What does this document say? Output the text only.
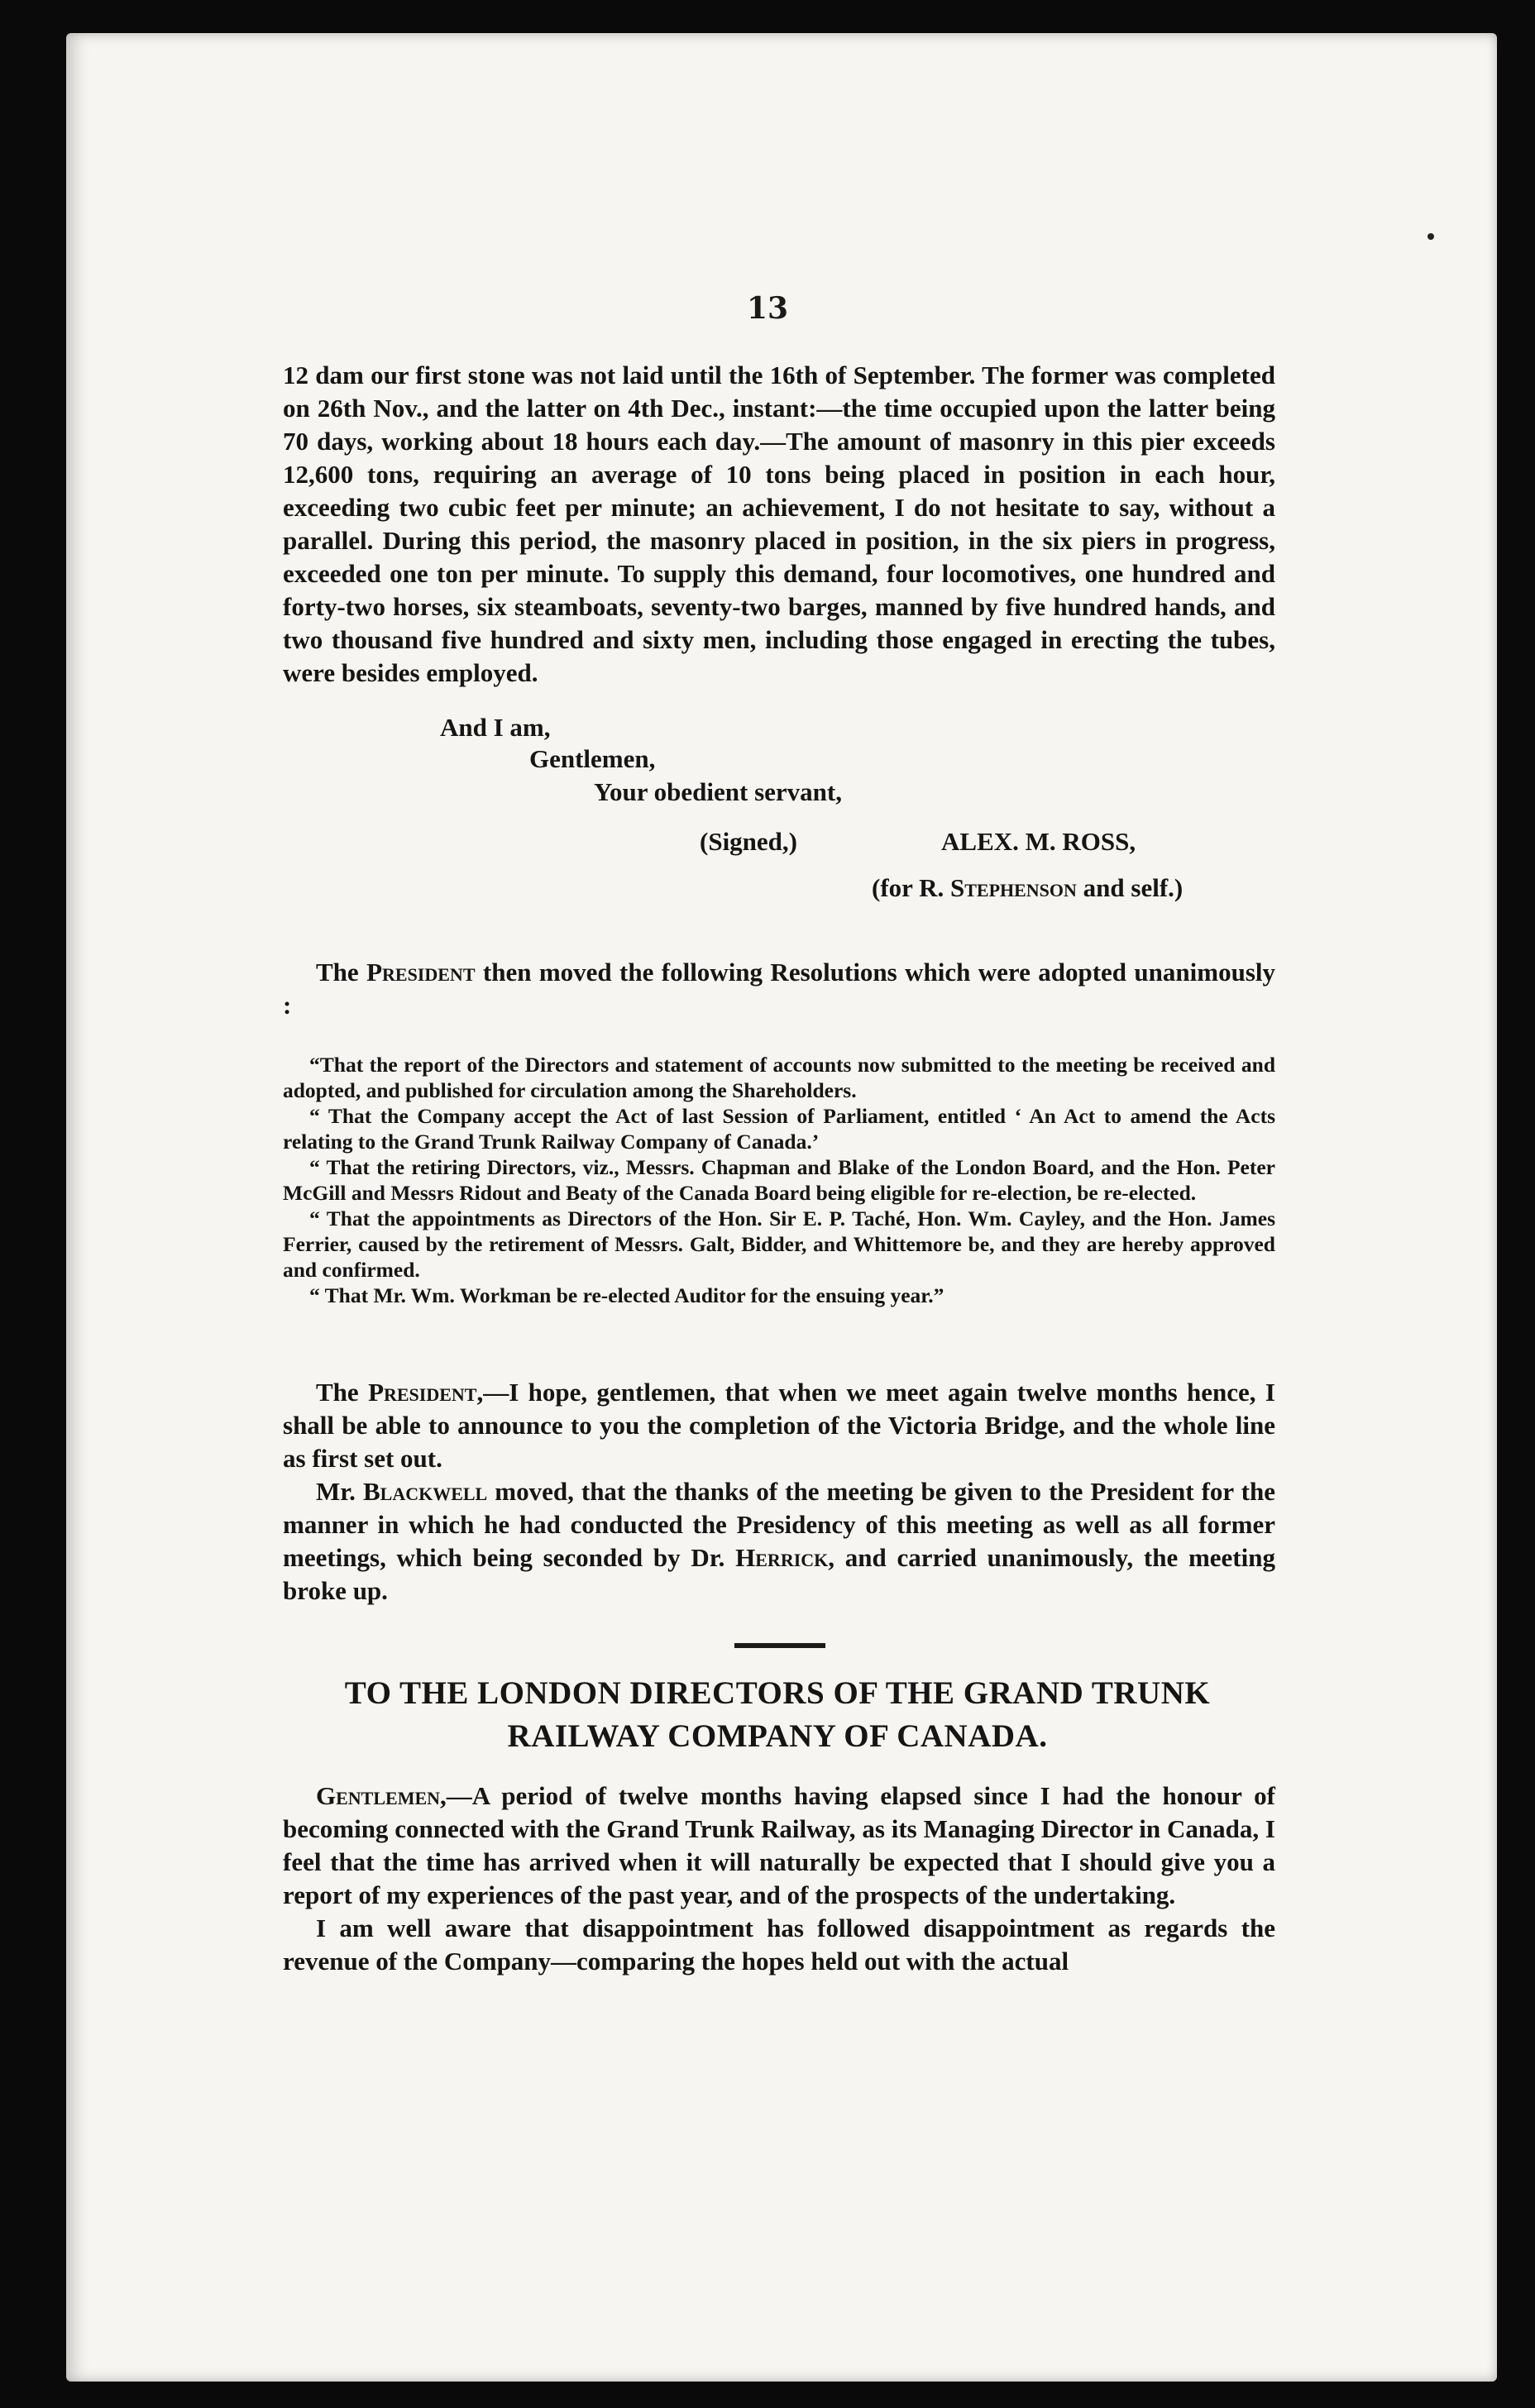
13

12 dam our first stone was not laid until the 16th of September. The former was completed on 26th Nov., and the latter on 4th Dec., instant:—the time occupied upon the latter being 70 days, working about 18 hours each day.—The amount of masonry in this pier exceeds 12,600 tons, requiring an average of 10 tons being placed in position in each hour, exceeding two cubic feet per minute; an achievement, I do not hesitate to say, without a parallel. During this period, the masonry placed in position, in the six piers in progress, exceeded one ton per minute. To supply this demand, four locomotives, one hundred and forty-two horses, six steamboats, seventy-two barges, manned by five hundred hands, and two thousand five hundred and sixty men, including those engaged in erecting the tubes, were besides employed.

And I am,
Gentlemen,
Your obedient servant,
(Signed,)	ALEX. M. ROSS,
(for R. Stephenson and self.)

The President then moved the following Resolutions which were adopted unanimously :

“That the report of the Directors and statement of accounts now submitted to the meeting be received and adopted, and published for circulation among the Shareholders.

“ That the Company accept the Act of last Session of Parliament, entitled ‘ An Act to amend the Acts relating to the Grand Trunk Railway Company of Canada.’

“ That the retiring Directors, viz., Messrs. Chapman and Blake of the London Board, and the Hon. Peter McGill and Messrs Ridout and Beaty of the Canada Board being eligible for re-election, be re-elected.

“ That the appointments as Directors of the Hon. Sir E. P. Taché, Hon. Wm. Cayley, and the Hon. James Ferrier, caused by the retirement of Messrs. Galt, Bidder, and Whittemore be, and they are hereby approved and confirmed.

“ That Mr. Wm. Workman be re-elected Auditor for the ensuing year.”

The President,—I hope, gentlemen, that when we meet again twelve months hence, I shall be able to announce to you the completion of the Victoria Bridge, and the whole line as first set out.

Mr. Blackwell moved, that the thanks of the meeting be given to the President for the manner in which he had conducted the Presidency of this meeting as well as all former meetings, which being seconded by Dr. Herrick, and carried unanimously, the meeting broke up.

TO THE LONDON DIRECTORS OF THE GRAND TRUNK
RAILWAY COMPANY OF CANADA.

Gentlemen,—A period of twelve months having elapsed since I had the honour of becoming connected with the Grand Trunk Railway, as its Managing Director in Canada, I feel that the time has arrived when it will naturally be expected that I should give you a report of my experiences of the past year, and of the prospects of the undertaking.

I am well aware that disappointment has followed disappointment as regards the revenue of the Company—comparing the hopes held out with the actual
